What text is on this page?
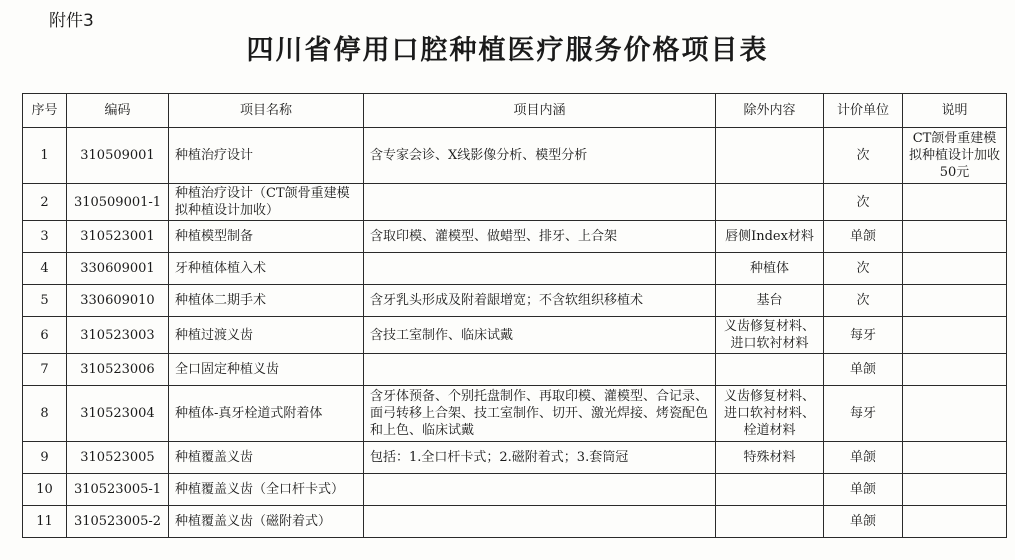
附件3
四川省停用口腔种植医疗服务价格项目表
序号	编码	项目名称	项目内涵	除外内容	计价单位	说明
1	310509001	种植治疗设计	含专家会诊、X线影像分析、模型分析		次	CT颌骨重建模拟种植设计加收50元
2	310509001-1	种植治疗设计（CT颌骨重建模拟种植设计加收）			次	
3	310523001	种植模型制备	含取印模、灌模型、做蜡型、排牙、上合架	唇侧Index材料	单颌	
4	330609001	牙种植体植入术		种植体	次	
5	330609010	种植体二期手术	含牙乳头形成及附着龈增宽；不含软组织移植术	基台	次	
6	310523003	种植过渡义齿	含技工室制作、临床试戴	义齿修复材料、进口软衬材料	每牙	
7	310523006	全口固定种植义齿			单颌	
8	310523004	种植体-真牙栓道式附着体	含牙体预备、个别托盘制作、再取印模、灌模型、合记录、面弓转移上合架、技工室制作、切开、激光焊接、烤瓷配色和上色、临床试戴	义齿修复材料、进口软衬材料、栓道材料	每牙	
9	310523005	种植覆盖义齿	包括：1.全口杆卡式；2.磁附着式；3.套筒冠	特殊材料	单颌	
10	310523005-1	种植覆盖义齿（全口杆卡式）			单颌	
11	310523005-2	种植覆盖义齿（磁附着式）			单颌	
